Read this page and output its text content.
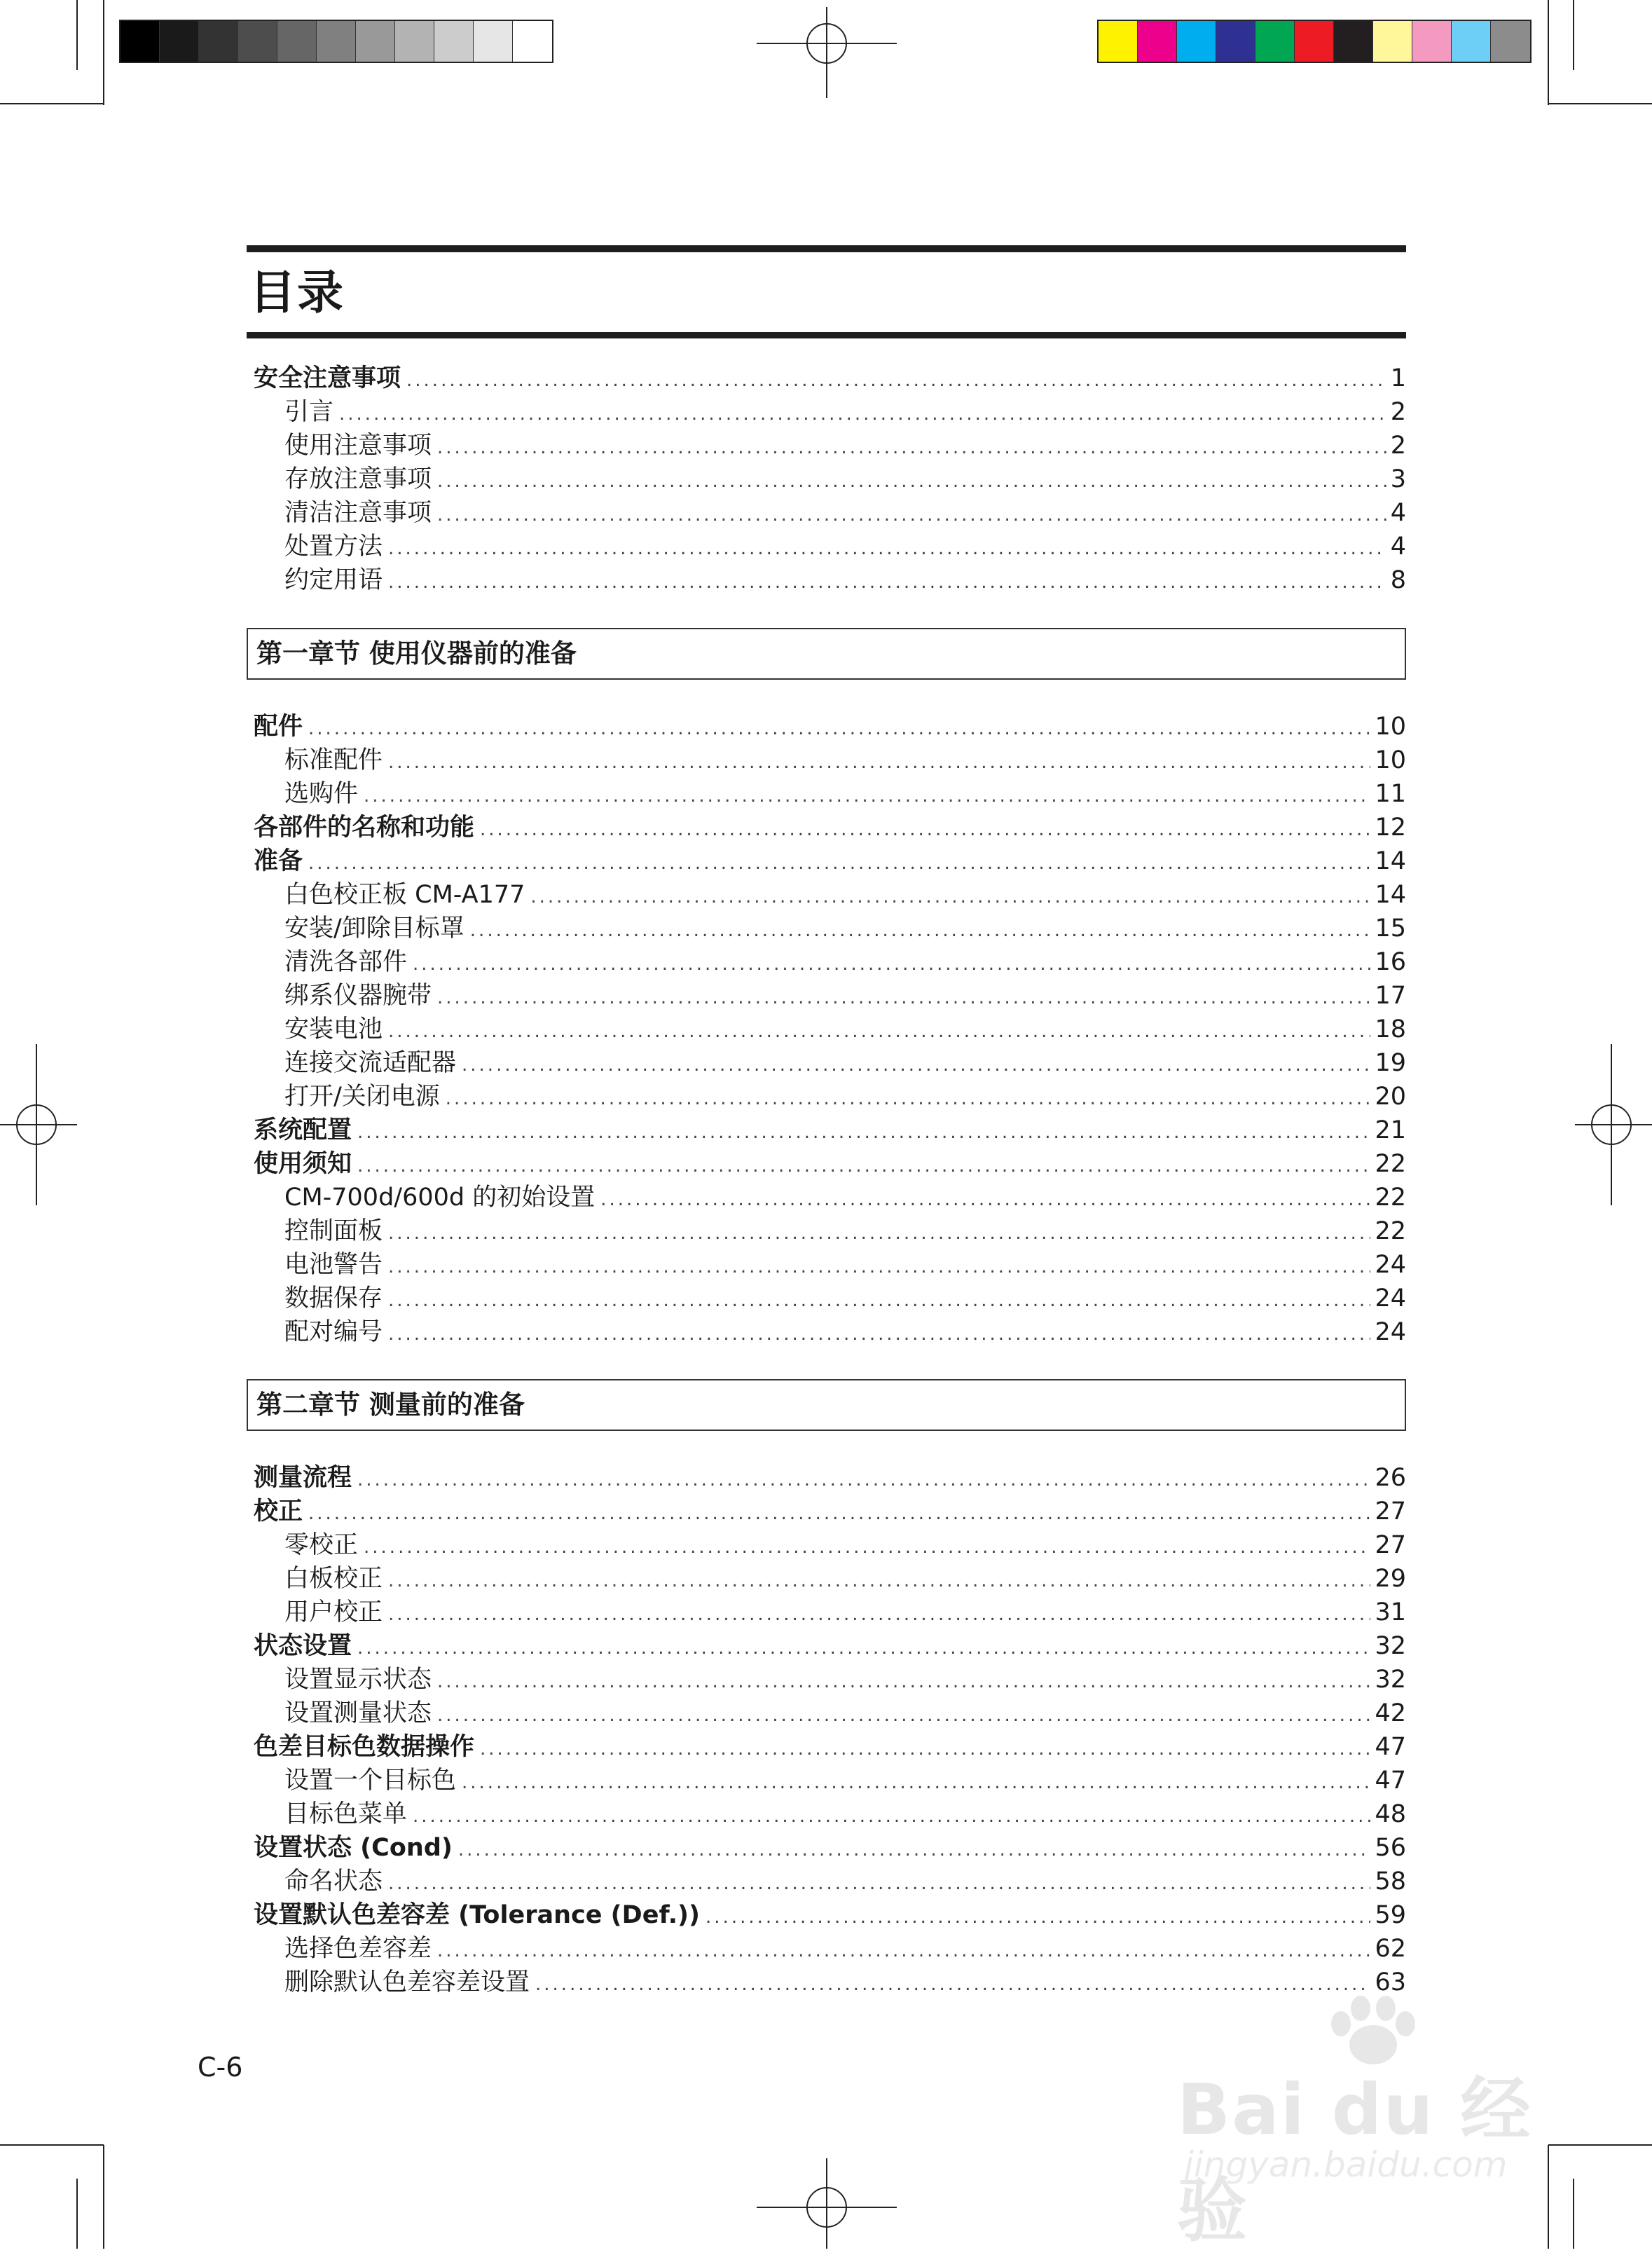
目录
安全注意事项 .....	1
引言 .....	2
使用注意事项 .....	2
存放注意事项 .....	3
清洁注意事项 .....	4
处置方法 .....	4
约定用语 .....	8
第一章节 使用仪器前的准备
配件 .....	10
标准配件 .....	10
选购件 .....	11
各部件的名称和功能 .....	12
准备 .....	14
白色校正板 CM-A177 .....	14
安装/卸除目标罩 .....	15
清洗各部件 .....	16
绑系仪器腕带 .....	17
安装电池 .....	18
连接交流适配器 .....	19
打开/关闭电源 .....	20
系统配置 .....	21
使用须知 .....	22
CM-700d/600d 的初始设置 .....	22
控制面板 .....	22
电池警告 .....	24
数据保存 .....	24
配对编号 .....	24
第二章节 测量前的准备
测量流程 .....	26
校正 .....	27
零校正 .....	27
白板校正 .....	29
用户校正 .....	31
状态设置 .....	32
设置显示状态 .....	32
设置测量状态 .....	42
色差目标色数据操作 .....	47
设置一个目标色 .....	47
目标色菜单 .....	48
设置状态 (Cond) .....	56
命名状态 .....	58
设置默认色差容差 (Tolerance (Def.)) .....	59
选择色差容差 .....	62
删除默认色差容差设置 .....	63
C-6
Bai du 经验
jingyan.baidu.com
